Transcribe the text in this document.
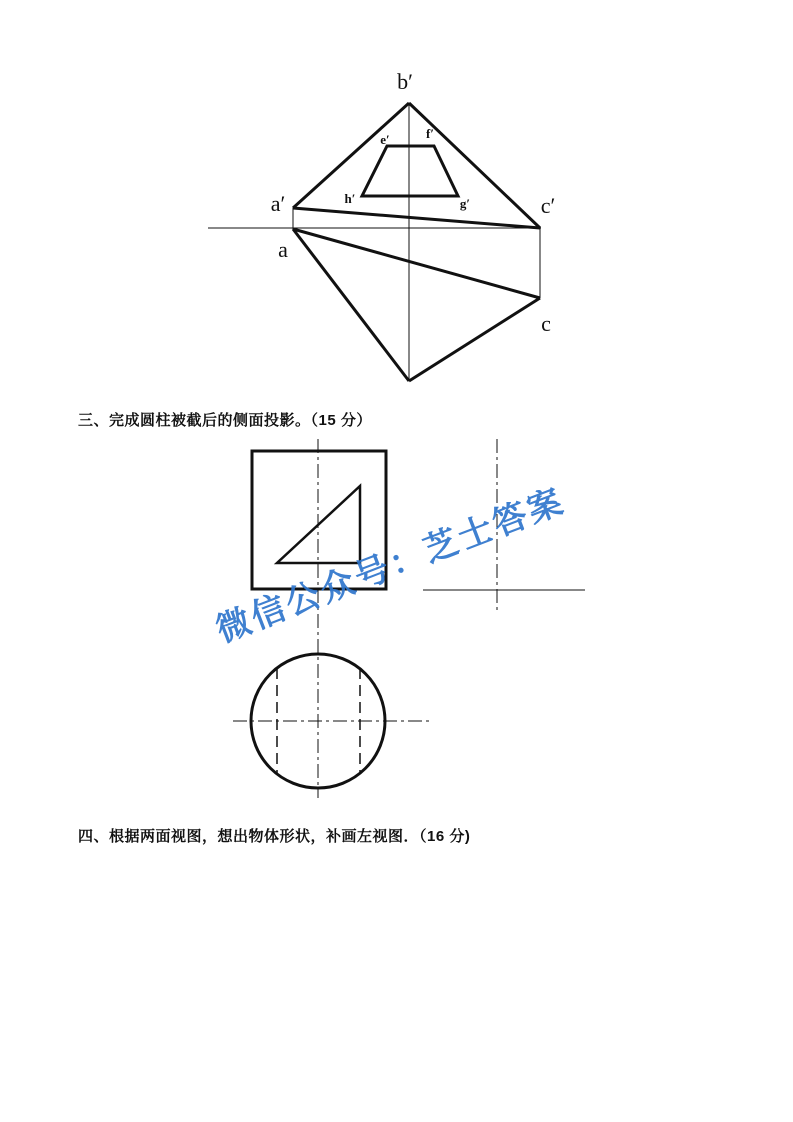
b′
e′	f′
a′	h′	g′	c′
a
c
三、完成圆柱被截后的侧面投影。（15 分）
四、根据两面视图，想出物体形状，补画左视图．（16 分)
微信公众号：芝士答案
